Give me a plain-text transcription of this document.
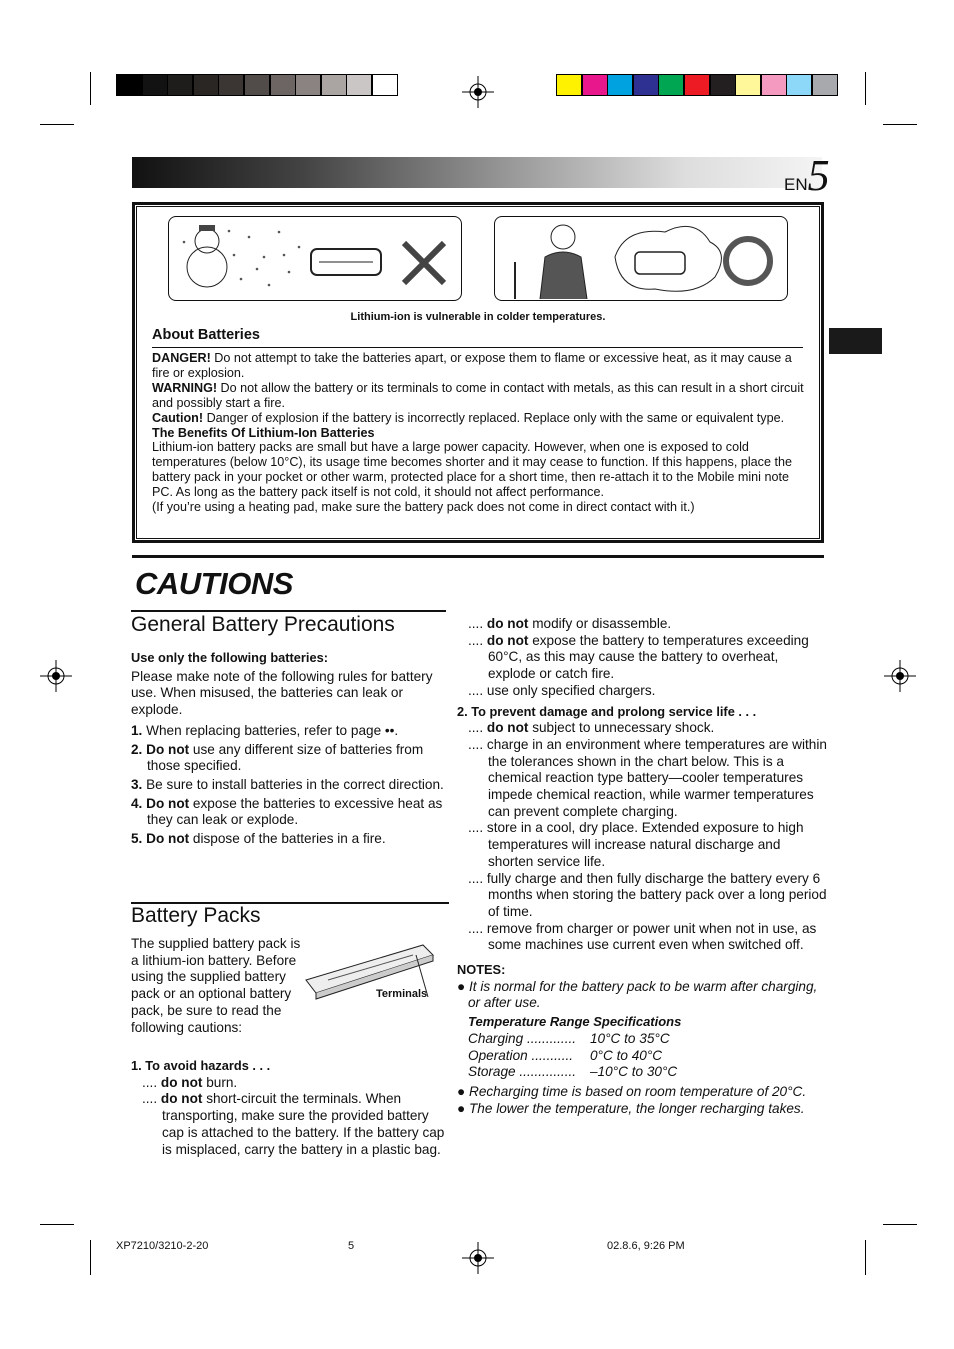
EN5
Lithium-ion is vulnerable in colder temperatures.
About Batteries

DANGER! Do not attempt to take the batteries apart, or expose them to flame or excessive heat, as it may cause a fire or explosion.

WARNING! Do not allow the battery or its terminals to come in contact with metals, as this can result in a short circuit and possibly start a fire.

Caution! Danger of explosion if the battery is incorrectly replaced. Replace only with the same or equivalent type.

The Benefits Of Lithium-Ion Batteries

Lithium-ion battery packs are small but have a large power capacity. However, when one is exposed to cold temperatures (below 10°C), its usage time becomes shorter and it may cease to function. If this happens, place the battery pack in your pocket or other warm, protected place for a short time, then re-attach it to the Mobile mini note PC. As long as the battery pack itself is not cold, it should not affect performance.

(If you’re using a heating pad, make sure the battery pack does not come in direct contact with it.)

CAUTIONS
General Battery Precautions

Use only the following batteries:

Please make note of the following rules for battery use. When misused, the batteries can leak or explode.

1. When replacing batteries, refer to page ••.

2. Do not use any different size of batteries from those specified.

3. Be sure to install batteries in the correct direction.

4. Do not expose the batteries to excessive heat as they can leak or explode.

5. Do not dispose of the batteries in a fire.

Battery Packs
The supplied battery pack is a lithium-ion battery. Before using the supplied battery pack or an optional battery pack, be sure to read the following cautions:
Terminals

1. To avoid hazards . . .

.... do not burn.

.... do not short-circuit the terminals. When transporting, make sure the provided battery cap is attached to the battery. If the battery cap is misplaced, carry the battery in a plastic bag.

.... do not modify or disassemble.

.... do not expose the battery to temperatures exceeding 60°C, as this may cause the battery to overheat, explode or catch fire.

.... use only specified chargers.

2. To prevent damage and prolong service life . . .

.... do not subject to unnecessary shock.

.... charge in an environment where temperatures are within the tolerances shown in the chart below. This is a chemical reaction type battery—cooler temperatures impede chemical reaction, while warmer temperatures can prevent complete charging.

.... store in a cool, dry place. Extended exposure to high temperatures will increase natural discharge and shorten service life.

.... fully charge and then fully discharge the battery every 6 months when storing the battery pack over a long period of time.

.... remove from charger or power unit when not in use, as some machines use current even when switched off.

NOTES:

● It is normal for the battery pack to be warm after charging, or after use.

Temperature Range Specifications

Charging .............	10°C to 35°C
Operation ...........	0°C to 40°C
Storage ...............	–10°C to 30°C

● Recharging time is based on room temperature of 20°C.

● The lower the temperature, the longer recharging takes.

XP7210/3210-2-20	5	02.8.6, 9:26 PM
